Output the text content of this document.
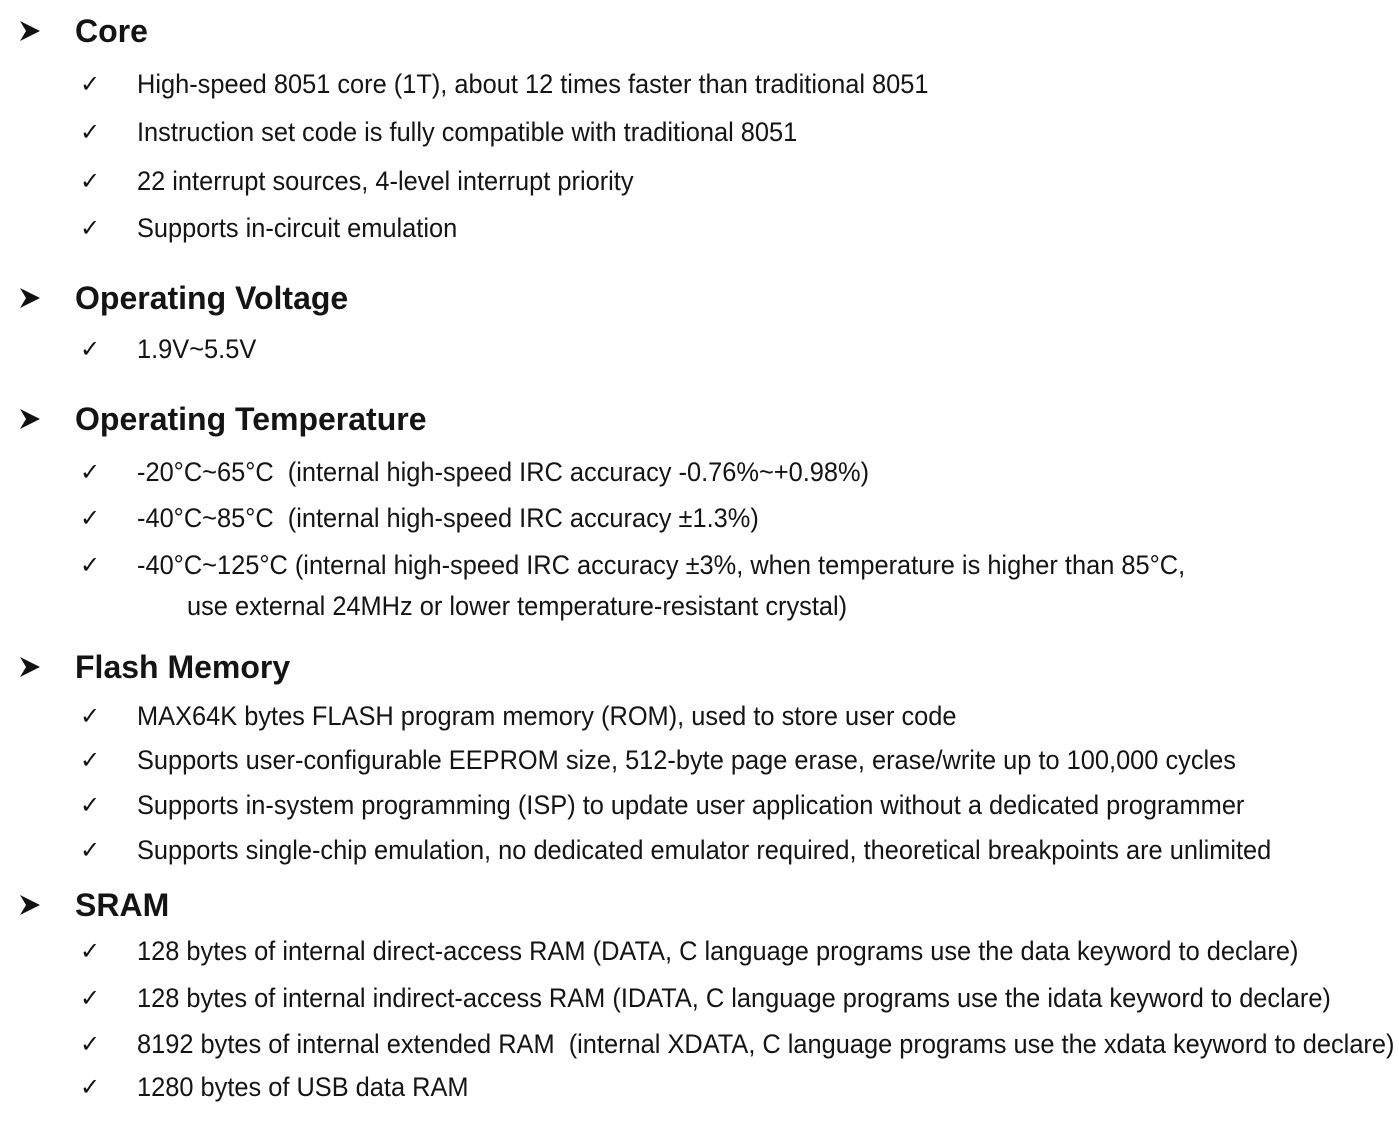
Core
✓ High-speed 8051 core (1T), about 12 times faster than traditional 8051
✓ Instruction set code is fully compatible with traditional 8051
✓ 22 interrupt sources, 4-level interrupt priority
✓ Supports in-circuit emulation
Operating Voltage
✓ 1.9V~5.5V
Operating Temperature
✓ -20°C~65°C  (internal high-speed IRC accuracy -0.76%~+0.98%)
✓ -40°C~85°C  (internal high-speed IRC accuracy ±1.3%)
✓ -40°C~125°C (internal high-speed IRC accuracy ±3%, when temperature is higher than 85°C,
use external 24MHz or lower temperature-resistant crystal)
Flash Memory
✓ MAX64K bytes FLASH program memory (ROM), used to store user code
✓ Supports user-configurable EEPROM size, 512-byte page erase, erase/write up to 100,000 cycles
✓ Supports in-system programming (ISP) to update user application without a dedicated programmer
✓ Supports single-chip emulation, no dedicated emulator required, theoretical breakpoints are unlimited
SRAM
✓ 128 bytes of internal direct-access RAM (DATA, C language programs use the data keyword to declare)
✓ 128 bytes of internal indirect-access RAM (IDATA, C language programs use the idata keyword to declare)
✓ 8192 bytes of internal extended RAM  (internal XDATA, C language programs use the xdata keyword to declare)
✓ 1280 bytes of USB data RAM
